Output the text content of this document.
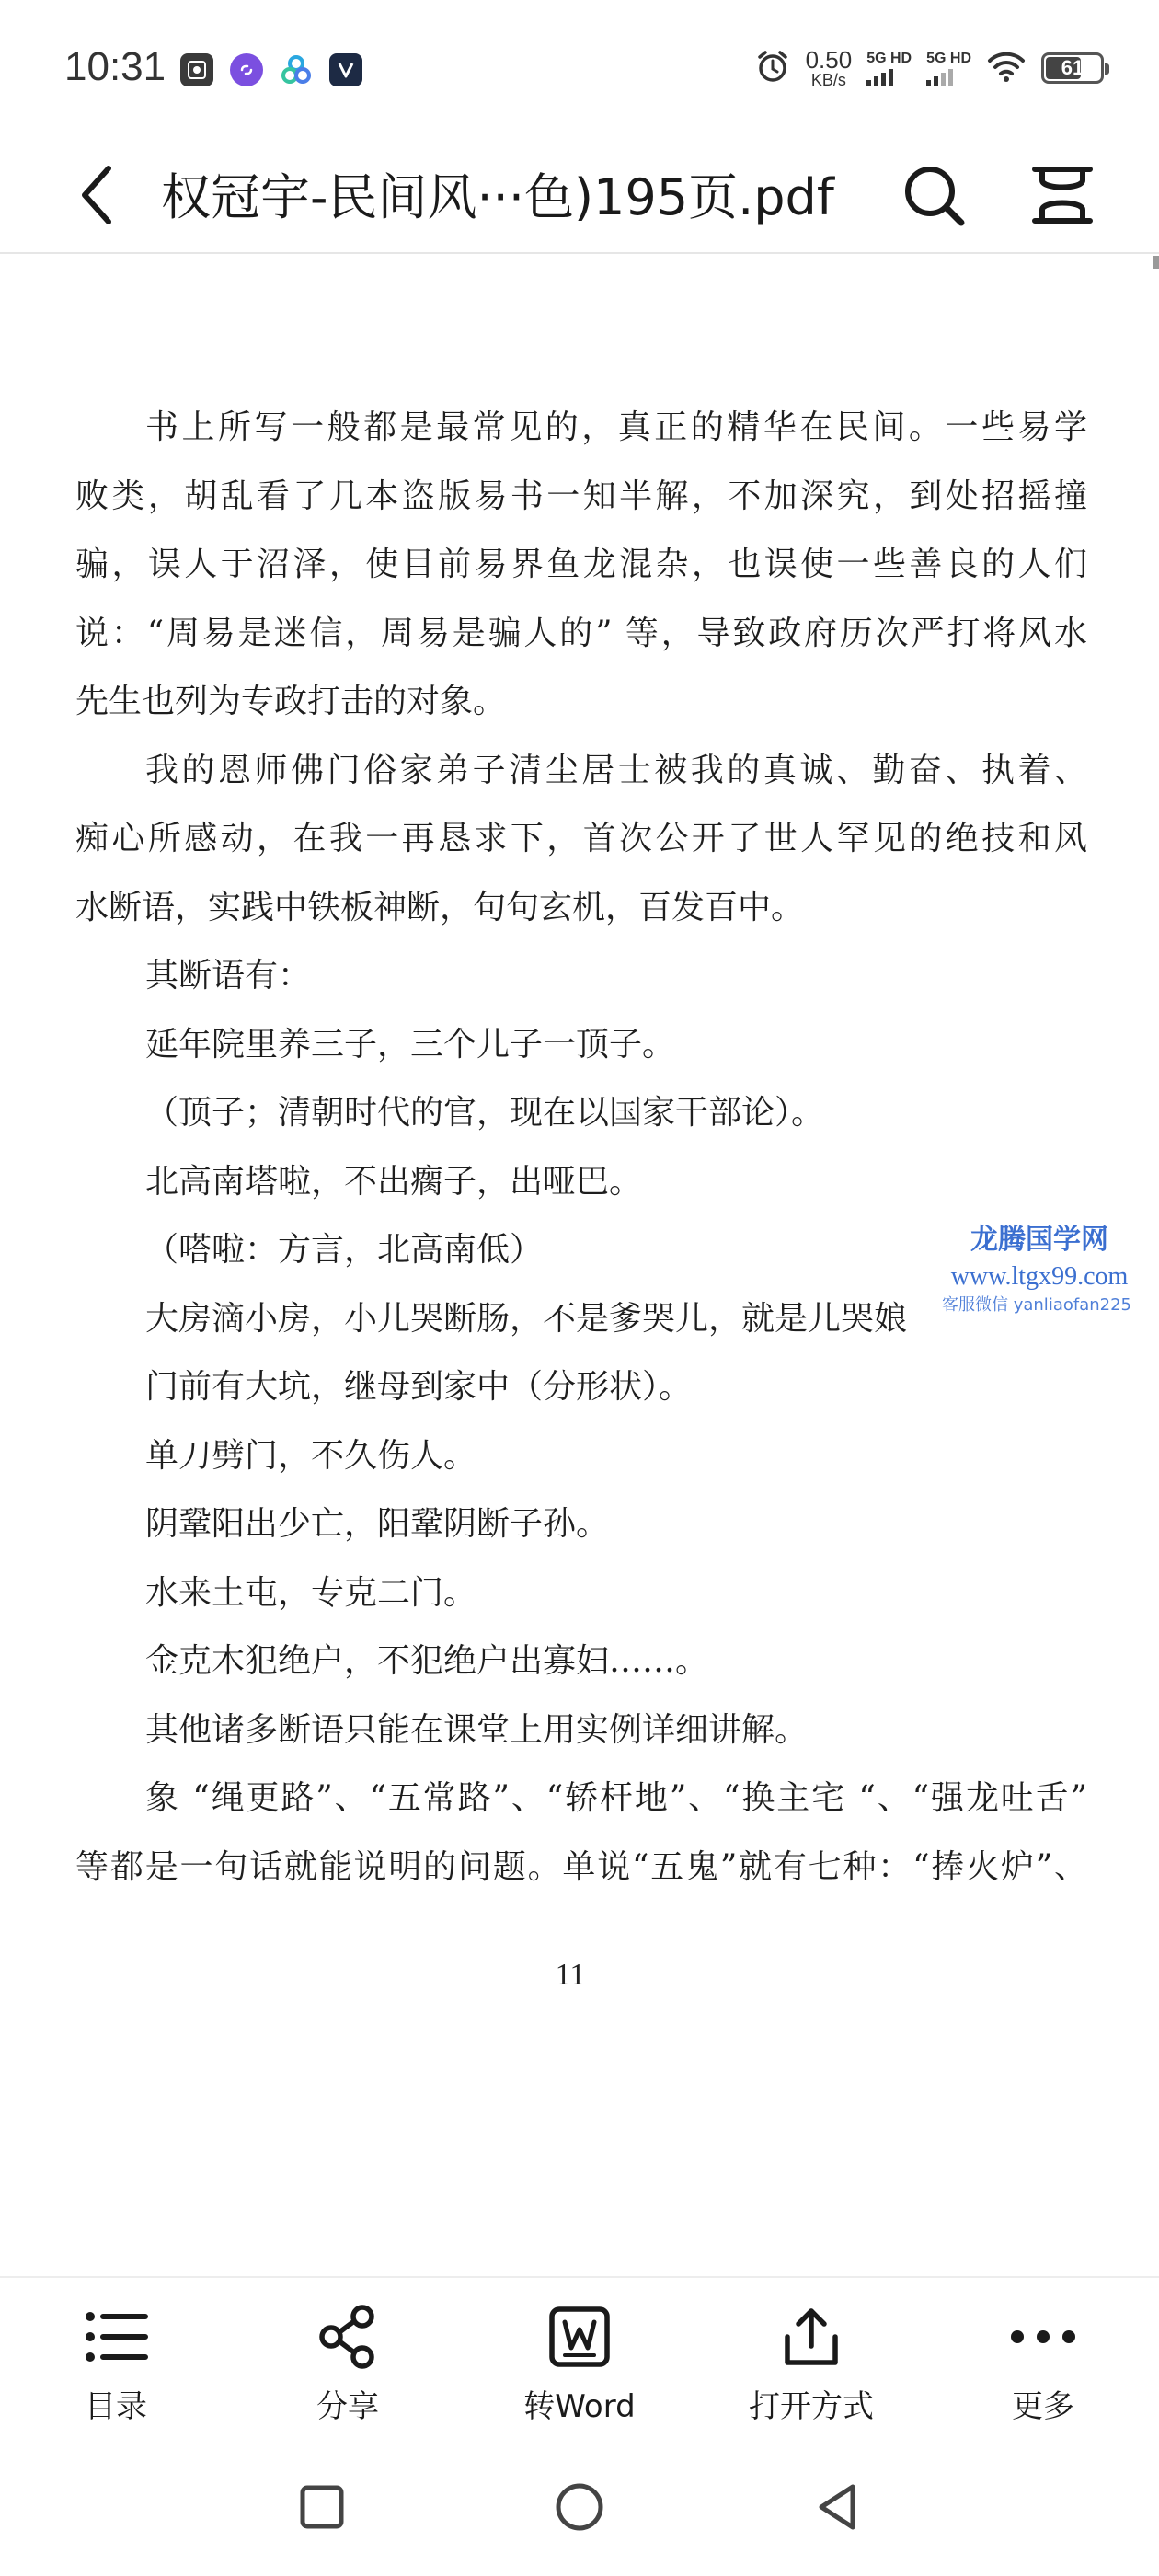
10:31	0.50
KB/s
5G HD 5G HD	61
权冠宇-民间风···色)195页.pdf
书上所写一般都是最常见的，真正的精华在民间。一些易学
败类，胡乱看了几本盗版易书一知半解，不加深究，到处招摇撞
骗，误人于沼泽，使目前易界鱼龙混杂，也误使一些善良的人们
说：“周易是迷信，周易是骗人的” 等，导致政府历次严打将风水
先生也列为专政打击的对象。
我的恩师佛门俗家弟子清尘居士被我的真诚、勤奋、执着、
痴心所感动，在我一再恳求下，首次公开了世人罕见的绝技和风
水断语，实践中铁板神断，句句玄机，百发百中。
其断语有：
延年院里养三子，三个儿子一顶子。
（顶子；清朝时代的官，现在以国家干部论）。
北高南塔啦，不出瘸子，出哑巴。
（嗒啦：方言，北高南低）
大房滴小房，小儿哭断肠，不是爹哭儿，就是儿哭娘
门前有大坑，继母到家中（分形状）。
单刀劈门，不久伤人。
阴鞏阳出少亡，阳鞏阴断子孙。
水来土屯，专克二门。
金克木犯绝户，不犯绝户出寡妇……。
其他诸多断语只能在课堂上用实例详细讲解。
象 “绳更路”、“五常路”、“轿杆地”、“换主宅 “、“强龙吐舌”
等都是一句话就能说明的问题。单说“五鬼”就有七种：“捧火炉”、
龙腾国学网
www.ltgx99.com
客服微信 yanliaofan225
11
目录	分享	转Word	打开方式	更多
